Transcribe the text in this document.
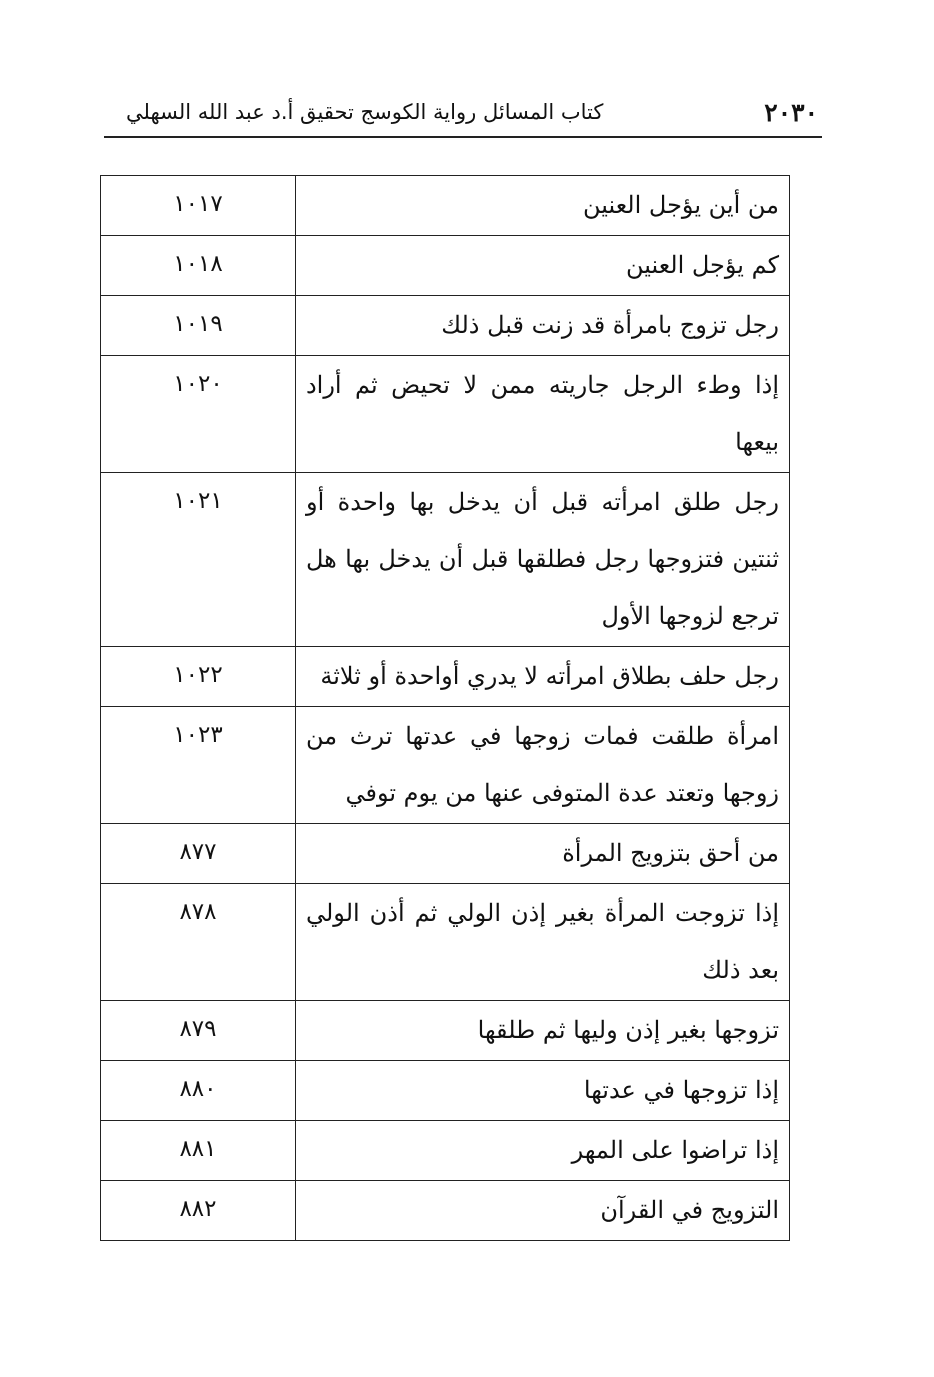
٢٠٣٠
كتاب المسائل رواية الكوسج تحقيق أ.د عبد الله السهلي
من أين يؤجل العنين	١٠١٧
كم يؤجل العنين	١٠١٨
رجل تزوج بامرأة قد زنت قبل ذلك	١٠١٩
إذا وطء الرجل جاريته ممن لا تحيض ثم أراد بيعها	١٠٢٠
رجل طلق امرأته قبل أن يدخل بها واحدة أو ثنتين فتزوجها رجل فطلقها قبل أن يدخل بها هل ترجع لزوجها الأول	١٠٢١
رجل حلف بطلاق امرأته لا يدري أواحدة أو ثلاثة	١٠٢٢
امرأة طلقت فمات زوجها في عدتها ترث من زوجها وتعتد عدة المتوفى عنها من يوم توفي	١٠٢٣
من أحق بتزويج المرأة	٨٧٧
إذا تزوجت المرأة بغير إذن الولي ثم أذن الولي بعد ذلك	٨٧٨
تزوجها بغير إذن وليها ثم طلقها	٨٧٩
إذا تزوجها في عدتها	٨٨٠
إذا تراضوا على المهر	٨٨١
التزويج في القرآن	٨٨٢
